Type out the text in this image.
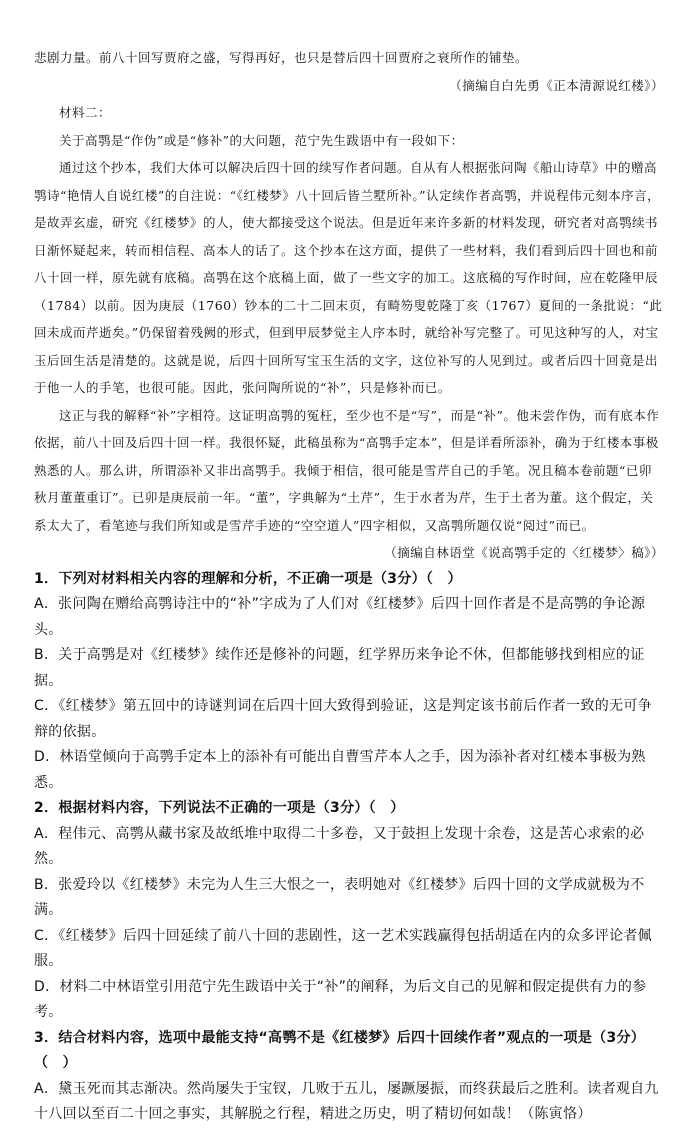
悲剧力量。前八十回写贾府之盛，写得再好，也只是替后四十回贾府之衰所作的铺垫。

（摘编自白先勇《正本清源说红楼》）

材料二：

关于高鹗是“作伪”或是“修补”的大问题，范宁先生跋语中有一段如下：

通过这个抄本，我们大体可以解决后四十回的续写作者问题。自从有人根据张问陶《船山诗草》中的赠高鹗诗“艳情人自说红楼”的自注说：“《红楼梦》八十回后皆兰墅所补。”认定续作者高鹗，并说程伟元刻本序言，是故弄玄虚，研究《红楼梦》的人，使大都接受这个说法。但是近年来许多新的材料发现，研究者对高鹗续书日渐怀疑起来，转而相信程、高本人的话了。这个抄本在这方面，提供了一些材料，我们看到后四十回也和前八十回一样，原先就有底稿。高鹗在这个底稿上面，做了一些文字的加工。这底稿的写作时间，应在乾隆甲辰（1784）以前。因为庚辰（1760）钞本的二十二回末页，有畸笏叟乾隆丁亥（1767）夏间的一条批说：“此回未成而芹逝矣。”仍保留着残阙的形式，但到甲辰梦觉主人序本时，就给补写完整了。可见这种写的人，对宝玉后回生活是清楚的。这就是说，后四十回所写宝玉生活的文字，这位补写的人见到过。或者后四十回竟是出于他一人的手笔，也很可能。因此，张问陶所说的“补”，只是修补而已。

这正与我的解释“补”字相符。这证明高鹗的冤枉，至少也不是“写”，而是“补”。他未尝作伪，而有底本作依据，前八十回及后四十回一样。我很怀疑，此稿虽称为“高鹗手定本”，但是详看所添补，确为于红楼本事极熟悉的人。那么讲，所谓添补又非出高鹗手。我倾于相信，很可能是雪芹自己的手笔。况且稿本卷前题“已卯秋月董董重订”。已卯是庚辰前一年。“董”，字典解为“土芹”，生于水者为芹，生于土者为董。这个假定，关系太大了，看笔迹与我们所知或是雪芹手迹的“空空道人”四字相似，又高鹗所题仅说“阅过”而已。

（摘编自林语堂《说高鹗手定的〈红楼梦〉稿》）

1．下列对材料相关内容的理解和分析，不正确一项是（3分）（　）

A．张问陶在赠给高鹗诗注中的“补”字成为了人们对《红楼梦》后四十回作者是不是高鹗的争论源头。

B．关于高鹗是对《红楼梦》续作还是修补的问题，红学界历来争论不休，但都能够找到相应的证据。

C．《红楼梦》第五回中的诗谜判词在后四十回大致得到验证，这是判定该书前后作者一致的无可争辩的依据。

D．林语堂倾向于高鹗手定本上的添补有可能出自曹雪芹本人之手，因为添补者对红楼本事极为熟悉。

2．根据材料内容，下列说法不正确的一项是（3分）（　）

A．程伟元、高鹗从藏书家及故纸堆中取得二十多卷，又于鼓担上发现十余卷，这是苦心求索的必然。

B．张爱玲以《红楼梦》未完为人生三大恨之一，表明她对《红楼梦》后四十回的文学成就极为不满。

C．《红楼梦》后四十回延续了前八十回的悲剧性，这一艺术实践赢得包括胡适在内的众多评论者佩服。

D．材料二中林语堂引用范宁先生跋语中关于“补”的阐释，为后文自己的见解和假定提供有力的参考。

3．结合材料内容，选项中最能支持“高鹗不是《红楼梦》后四十回续作者”观点的一项是（3分）（　）

A．黛玉死而其志渐决。然尚屡失于宝钗，几败于五儿，屡蹶屡振，而终获最后之胜利。读者观自九十八回以至百二十回之事实，其解脱之行程，精进之历史，明了精切何如哉！（陈寅恪）
